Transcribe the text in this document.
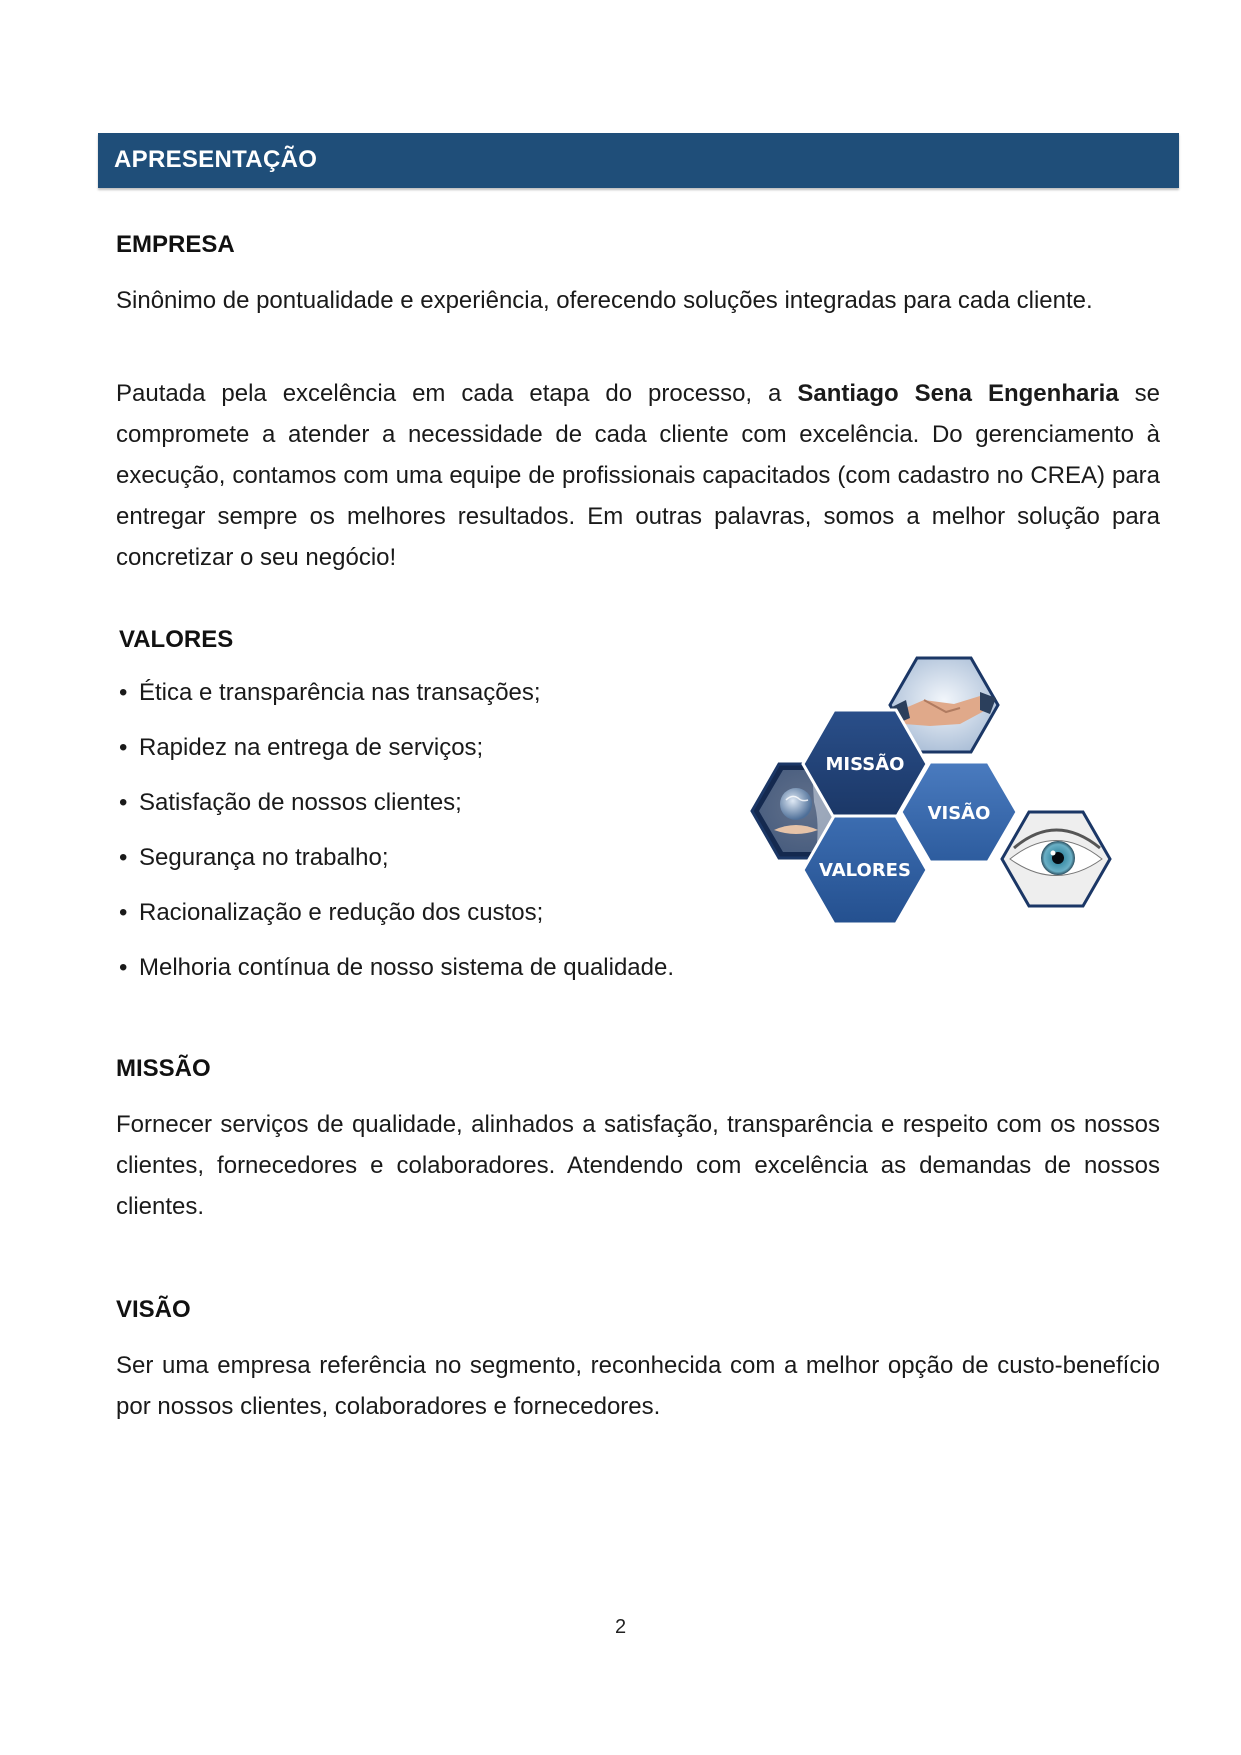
APRESENTAÇÃO
EMPRESA
Sinônimo de pontualidade e experiência, oferecendo soluções integradas para cada cliente.
Pautada pela excelência em cada etapa do processo, a Santiago Sena Engenharia se compromete a atender a necessidade de cada cliente com excelência. Do gerenciamento à execução, contamos com uma equipe de profissionais capacitados (com cadastro no CREA) para entregar sempre os melhores resultados. Em outras palavras, somos a melhor solução para concretizar o seu negócio!
VALORES
• Ética e transparência nas transações;
• Rapidez na entrega de serviços;
• Satisfação de nossos clientes;
• Segurança no trabalho;
• Racionalização e redução dos custos;
• Melhoria contínua de nosso sistema de qualidade.
MISSÃO
VISÃO
VALORES
MISSÃO
Fornecer serviços de qualidade, alinhados a satisfação, transparência e respeito com os nossos clientes, fornecedores e colaboradores. Atendendo com excelência as demandas de nossos clientes.
VISÃO
Ser uma empresa referência no segmento, reconhecida com a melhor opção de custo-benefício por nossos clientes, colaboradores e fornecedores.
2
